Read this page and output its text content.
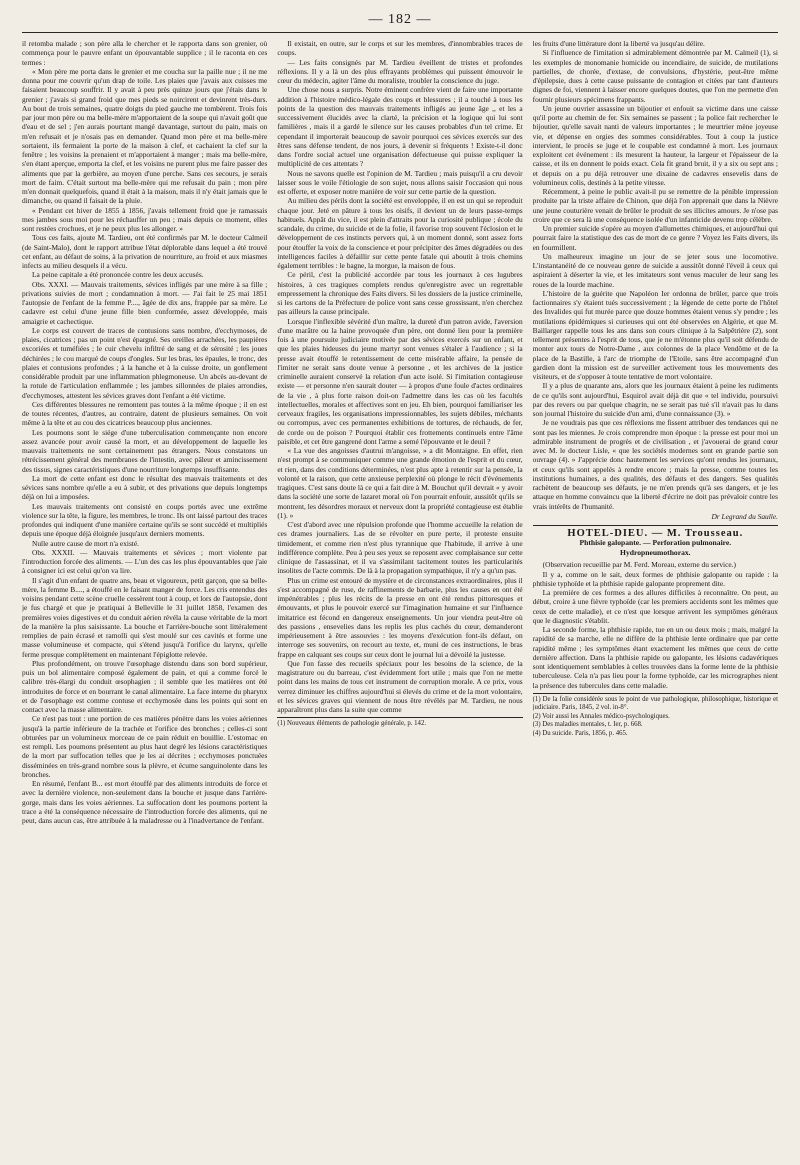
— 182 —

il retomba malade ; son père alla le chercher et le rapporta dans son grenier, où commença pour le pauvre enfant un épouvantable supplice ; il le raconta en ces termes :

« Mon père me porta dans le grenier et me coucha sur la paille nue ; il ne me donna pour me couvrir qu'un drap de toile. Les plaies que j'avais aux cuisses me faisaient beaucoup souffrir. Il y avait à peu près quinze jours que j'étais dans le grenier ; j'avais si grand froid que mes pieds se noircirent et devinrent très-durs. Au bout de trois semaines, quatre doigts du pied gauche me tombèrent. Trois fois par jour mon père ou ma belle-mère m'apportaient de la soupe qui n'avait goût que d'eau et de sel ; j'en aurais pourtant mangé davantage, surtout du pain, mais on m'en refusait et je n'osais pas en demander. Quand mon père et ma belle-mère sortaient, ils fermaient la porte de la maison à clef, et cachaient la clef sur la fenêtre ; les voisins la prenaient et m'apportaient à manger ; mais ma belle-mère, s'en étant aperçue, emporta la clef, et les voisins ne purent plus me faire passer des aliments que par la gerbière, au moyen d'une perche. Sans ces secours, je serais mort de faim. C'était surtout ma belle-mère qui me refusait du pain ; mon père m'en donnait quelquefois, quand il était à la maison, mais il n'y était jamais que le dimanche, ou quand il faisait de la pluie.

« Pendant cet hiver de 1855 à 1856, j'avais tellement froid que je ramassais mes jambes sous moi pour les réchauffer un peu ; mais depuis ce moment, elles sont restées crochues, et je ne peux plus les allonger. »

Tous ces faits, ajoute M. Tardieu, ont été confirmés par M. le docteur Calmeil (de Saint-Malo), dont le rapport attribue l'état déplorable dans lequel a été trouvé cet enfant, au défaut de soins, à la privation de nourriture, au froid et aux miasmes infects au milieu desquels il a vécu.

La peine capitale a été prononcée contre les deux accusés.

Obs. XXXI. — Mauvais traitements, sévices infligés par une mère à sa fille ; privations suivies de mort ; condamnation à mort. — J'ai fait le 25 mai 1851 l'autopsie de l'enfant de la femme P...., âgée de dix ans, frappée par sa mère. Le cadavre est celui d'une jeune fille bien conformée, assez développée, mais amaigrie et cachectique.

Le corps est couvert de traces de contusions sans nombre, d'ecchymoses, de plaies, cicatrices ; pas un point n'est épargné. Ses oreilles arrachées, les paupières excoriées et tuméfiées ; le cuir chevelu infiltré de sang et de sérosité ; les joues déchirées ; le cou marqué de coups d'ongles. Sur les bras, les épaules, le tronc, des plaies et contusions profondes ; à la hanche et à la cuisse droite, un gonflement considérable produit par une inflammation phlegmoneuse. Un abcès au-devant de la rotule de l'articulation enflammée ; les jambes sillonnées de plaies arrondies, d'ecchymoses, attestent les sévices graves dont l'enfant a été victime.

Ces différentes blessures ne remontent pas toutes à la même époque ; il en est de toutes récentes, d'autres, au contraire, datent de plusieurs semaines. On voit même à la tête et au cou des cicatrices beaucoup plus anciennes.

Les poumons sont le siége d'une tuberculisation commençante non encore assez avancée pour avoir causé la mort, et au développement de laquelle les mauvais traitements ne sont certainement pas étrangers. Nous constatons un rétrécissement général des membranes de l'intestin, avec pâleur et amincissement des tissus, signes caractéristiques d'une nourriture longtemps insuffisante.

La mort de cette enfant est donc le résultat des mauvais traitements et des sévices sans nombre qu'elle a eu à subir, et des privations que depuis longtemps déjà on lui a imposées.

Les mauvais traitements ont consisté en coups portés avec une extrême violence sur la tête, la figure, les membres, le tronc. Ils ont laissé partout des traces profondes qui indiquent d'une manière certaine qu'ils se sont succédé et multipliés depuis une époque déjà éloignée jusqu'aux derniers moments.

Nulle autre cause de mort n'a existé.

Obs. XXXII. — Mauvais traitements et sévices ; mort violente par l'introduction forcée des aliments. — L'un des cas les plus épouvantables que j'aie à consigner ici est celui qu'on va lire.

Il s'agit d'un enfant de quatre ans, beau et vigoureux, petit garçon, que sa belle-mère, la femme B...., a étouffé en le faisant manger de force. Les cris entendus des voisins pendant cette scène cruelle cessèrent tout à coup, et lors de l'autopsie, dont je fus chargé et que je pratiquai à Belleville le 31 juillet 1858, l'examen des premières voies digestives et du conduit aérien révéla la cause véritable de la mort de la manière la plus saisissante. La bouche et l'arrière-bouche sont littéralement remplies de pain écrasé et ramolli qui s'est moulé sur ces cavités et forme une masse volumineuse et compacte, qui s'étend jusqu'à l'orifice du larynx, qu'elle ferme presque complètement en maintenant l'épiglotte relevée.

Plus profondément, on trouve l'œsophage distendu dans son bord supérieur, puis un bol alimentaire composé également de pain, et qui a comme forcé le calibre très-élargi du conduit œsophagien ; il semble que les matières ont été introduites de force et en bourrant le canal alimentaire. La face interne du pharynx et de l'œsophage est comme contuse et ecchymosée dans les points qui sont en contact avec la masse alimentaire.

Ce n'est pas tout : une portion de ces matières pénètre dans les voies aériennes jusqu'à la partie inférieure de la trachée et l'orifice des bronches ; celles-ci sont obturées par un volumineux morceau de ce pain réduit en bouillie. L'estomac en est rempli. Les poumons présentent au plus haut degré les lésions caractéristiques de la mort par suffocation telles que je les ai décrites ; ecchymoses ponctuées disséminées en très-grand nombre sous la plèvre, et écume sanguinolente dans les bronches.

En résumé, l'enfant B... est mort étouffé par des aliments introduits de force et avec la dernière violence, non-seulement dans la bouche et jusque dans l'arrière-gorge, mais dans les voies aériennes. La suffocation dont les poumons portent la trace a été la conséquence nécessaire de l'introduction forcée des aliments, qui ne peut, dans aucun cas, être attribuée à la maladresse ou à l'inadvertance de l'enfant.

Il existait, en outre, sur le corps et sur les membres, d'innombrables traces de coups.

— Les faits consignés par M. Tardieu éveillent de tristes et profondes réflexions. Il y a là un des plus effrayants problèmes qui puissent émouvoir le cœur du médecin, agiter l'âme du moraliste, troubler la conscience du juge.

Une chose nous a surpris. Notre éminent confrère vient de faire une importante addition à l'histoire médico-légale des coups et blessures ; il a touché à tous les points de la question des mauvais traitements infligés au jeune âge ,, et les a successivement élucidés avec la clarté, la précision et la logique qui lui sont familières , mais il a gardé le silence sur les causes probables d'un tel crime. Et cependant il importerait beaucoup de savoir pourquoi ces sévices exercés sur des êtres sans défense tendent, de nos jours, à devenir si fréquents ! Existe-t-il donc dans l'ordre social actuel une organisation défectueuse qui puisse expliquer la multiplicité de ces attentats ?

Nous ne savons quelle est l'opinion de M. Tardieu ; mais puisqu'il a cru devoir laisser sous le voile l'étiologie de son sujet, nous allons saisir l'occasion qui nous est offerte, et exposer notre manière de voir sur cette partie de la question.

Au milieu des périls dont la société est enveloppée, il en est un qui se reproduit chaque jour. Jeté en pâture à tous les oisifs, il devient un de leurs passe-temps habituels. Appât du vice, il est plein d'attraits pour la curiosité publique ; école du scandale, du crime, du suicide et de la folie, il favorise trop souvent l'éclosion et le développement de ces instincts pervers qui, à un moment donné, sont assez forts pour étouffer la voix de la conscience et pour précipiter des âmes dégradées ou des intelligences faciles à défaillir sur cette pente fatale qui aboutit à trois chemins également terribles : le bagne, la morgue, la maison de fous.

Ce péril, c'est la publicité accordée par tous les journaux à ces lugubres histoires, à ces tragiques complets rendus qu'enregistre avec un regrettable empressement la chronique des Faits divers. Si les dossiers de la justice criminelle, si les cartons de la Préfecture de police vont sans cesse grossissant, n'en cherchez pas ailleurs la cause principale.

Lorsque l'inflexible sévérité d'un maître, la dureté d'un patron avide, l'aversion d'une marâtre ou la haine provoquée d'un père, ont donné lieu pour la première fois à une poursuite judiciaire motivée par des sévices exercés sur un enfant, et que les plaies hideuses du jeune martyr sont venues s'étaler à l'audience ; si la presse avait étouffé le retentissement de cette misérable affaire, la pensée de l'imiter ne serait sans doute venue à personne , et les archives de la justice criminelle auraient conservé la relation d'un acte isolé. Si l'imitation contagieuse existe — et personne n'en saurait douter — à propos d'une foule d'actes ordinaires de la vie , à plus forte raison doit-on l'admettre dans les cas où les facultés intellectuelles, morales et affectives sont en jeu. Eh bien, pourquoi familiariser les cerveaux fragiles, les organisations impressionnables, les sujets débiles, méchants ou corrompus, avec ces permanentes exhibitions de tortures, de réchauds, de fer, de corde ou de poison ? Pourquoi établir ces frottements continuels entre l'âme paisible, et cet être gangrené dont l'arme a semé l'épouvante et le deuil ?

« La vue des angoisses d'autrui m'angoisse, » a dit Montaigne. En effet, rien n'est prompt à se communiquer comme une grande émotion de l'esprit et du cœur, et rien, dans des conditions déterminées, n'est plus apte à retentir sur la pensée, la volonté et la raison, que cette anxieuse perplexité où plonge le récit d'événements tragiques. C'est sans doute là ce qui a fait dire à M. Bouchut qu'il devrait « y avoir dans la société une sorte de lazaret moral où l'on pourrait enfouir, aussitôt qu'ils se montrent, les désordres moraux et nerveux dont la propriété contagieuse est établie (1). »

C'est d'abord avec une répulsion profonde que l'homme accueille la relation de ces drames journaliers. Las de se révolter en pure perte, il proteste ensuite timidement, et comme rien n'est plus tyrannique que l'habitude, il arrive à une indifférence complète. Peu à peu ses yeux se reposent avec complaisance sur cette clinique de l'assassinat, et il va s'assimilant tacitement toutes les particularités insolites de l'acte commis. De là à la propagation sympathique, il n'y a qu'un pas.

Plus un crime est entouré de mystère et de circonstances extraordinaires, plus il s'est accompagné de ruse, de raffinements de barbarie, plus les causes en ont été impénétrables ; plus les récits de la presse en ont été rendus pittoresques et émouvants, et plus le pouvoir exercé sur l'imagination humaine et sur l'influence imitatrice est fécond en dangereux enseignements. Un jour viendra peut-être où des passions , ensevelies dans les replis les plus cachés du cœur, demanderont impérieusement à être assouvies : les moyens d'exécution font-ils défaut, on interroge ses souvenirs, on recourt au texte, et, muni de ces instructions, le bras frappe en calquant ses coups sur ceux dont le journal lui a dévoilé la justesse.

Que l'on fasse des recueils spéciaux pour les besoins de la science, de la magistrature ou du barreau, c'est évidemment fort utile ; mais que l'on ne mette point dans les mains de tous cet instrument de corruption morale. A ce prix, vous verrez diminuer les chiffres aujourd'hui si élevés du crime et de la mort volontaire, et les sévices graves qui viennent de nous être révélés par M. Tardieu, ne nous apparaîtront plus dans la suite que comme

(1) Nouveaux éléments de pathologie générale, p. 142.

les fruits d'une littérature dont la liberté va jusqu'au délire.

Si l'influence de l'imitation si admirablement démontrée par M. Calmeil (1), si les exemples de monomanie homicide ou incendiaire, de suicide, de mutilations partielles, de chorée, d'extase, de convulsions, d'hystérie, peut-être même d'épilepsie, dues à cette cause puissante de contagion et citées par tant d'auteurs dignes de foi, viennent à laisser encore quelques doutes, que l'on me permette d'en fournir plusieurs spécimens frappants.

Un jeune ouvrier assassine un bijoutier et enfouit sa victime dans une caisse qu'il porte au chemin de fer. Six semaines se passent ; la police fait rechercher le bijoutier, qu'elle savait nanti de valeurs importantes ; le meurtrier mène joyeuse vie, et dépense en orgies des sommes considérables. Tout à coup la justice intervient, le procès se juge et le coupable est condamné à mort. Les journaux exploitent cet événement : ils mesurent la hauteur, la largeur et l'épaisseur de la caisse, et ils en donnent le poids exact. Cela fit grand bruit, il y a six ou sept ans ; et depuis on a pu déjà retrouver une dixaine de cadavres ensevelis dans de volumineux colis, destinés à la petite vitesse.

Récemment, à peine le public avait-il pu se remettre de la pénible impression produite par la triste affaire de Chinon, que déjà l'on apprenait que dans la Nièvre une jeune couturière venait de brûler le produit de ses illicites amours. Je n'ose pas croire que ce sera là une conséquence isolée d'un infanticide devenu trop célèbre.

Un premier suicide s'opère au moyen d'allumettes chimiques, et aujourd'hui qui pourrait faire la statistique des cas de mort de ce genre ? Voyez les Faits divers, ils en fourmillent.

Un malheureux imagine un jour de se jeter sous une locomotive. L'instantanéité de ce nouveau genre de suicide a aussitôt donné l'éveil à ceux qui aspiraient à déserter la vie, et les imitateurs sont venus maculer de leur sang les roues de la lourde machine.

L'histoire de la guérite que Napoléon Ier ordonna de brûler, parce que trois factionnaires s'y étaient tués successivement ; la légende de cette porte de l'hôtel des Invalides qui fut murée parce que douze hommes étaient venus s'y pendre ; les mutilations épidémiques si curieuses qui ont été observées en Algérie, et que M. Baillarger rappelle tous les ans dans son cours clinique à la Salpêtrière (2), sont tellement présentes à l'esprit de tous, que je ne m'étonne plus qu'il soit défendu de monter aux tours de Notre-Dame , aux colonnes de la place Vendôme et de la place de la Bastille, à l'arc de triomphe de l'Etoile, sans être accompagné d'un gardien dont la mission est de surveiller activement tous les mouvements des visiteurs, et de s'opposer à toute tentative de mort volontaire.

Il y a plus de quarante ans, alors que les journaux étaient à peine les rudiments de ce qu'ils sont aujourd'hui, Esquirol avait déjà dit que « tel individu, poursuivi par des revers ou par quelque chagrin, ne se serait pas tué s'il n'avait pas lu dans son journal l'histoire du suicide d'un ami, d'une connaissance (3). »

Je ne voudrais pas que ces réflexions me fissent attribuer des tendances qui ne sont pas les miennes. Je crois comprendre mon époque : la presse est pour moi un admirable instrument de progrès et de civilisation , et j'avouerai de grand cœur avec M. le docteur Lisle, « que les sociétés modernes sont en grande partie son ouvrage (4). » J'apprécie donc hautement les services qu'ont rendus les journaux, et ceux qu'ils sont appelés à rendre encore ; mais la presse, comme toutes les institutions humaines, a des qualités, des défauts et des dangers. Ses qualités rachètent de beaucoup ses défauts, je ne m'en prends qu'à ses dangers, et je les attaque en homme convaincu que la liberté d'écrire ne doit pas prévaloir contre les vrais intérêts de l'humanité.

Dr Legrand du Saulle.
HOTEL-DIEU. — M. Trousseau.
Phthisie galopante. — Perforation pulmonaire.
Hydropneumothorax.

(Observation recueillie par M. Ferd. Moreau, externe du service.)

Il y a, comme on le sait, deux formes de phthisie galopante ou rapide : la phthisie typhoïde et la phthisie rapide galopante proprement dite.

La première de ces formes a des allures difficiles à reconnaître. On peut, au début, croire à une fièvre typhoïde (car les premiers accidents sont les mêmes que ceux de cette maladie), et ce n'est que lorsque arrivent les symptômes généraux que le diagnostic s'établit.

La seconde forme, la phthisie rapide, tue en un ou deux mois ; mais, malgré la rapidité de sa marche, elle ne diffère de la phthisie lente ordinaire que par cette rapidité même ; les symptômes étant exactement les mêmes que ceux de cette dernière affection. Dans la phthisie rapide ou galopante, les lésions cadavériques sont identiquement semblables à celles trouvées dans la forme lente de la phthisie tuberculeuse. Cela n'a pas lieu pour la forme typhoïde, car les micrographes nient la présence des tubercules dans cette maladie.

(1) De la folie considérée sous le point de vue pathologique, philosophique, historique et judiciaire. Paris, 1845, 2 vol. in-8°.

(2) Voir aussi les Annales médico-psychologiques.

(3) Des maladies mentales, t. Ier, p. 668.

(4) Du suicide. Paris, 1856, p. 465.
